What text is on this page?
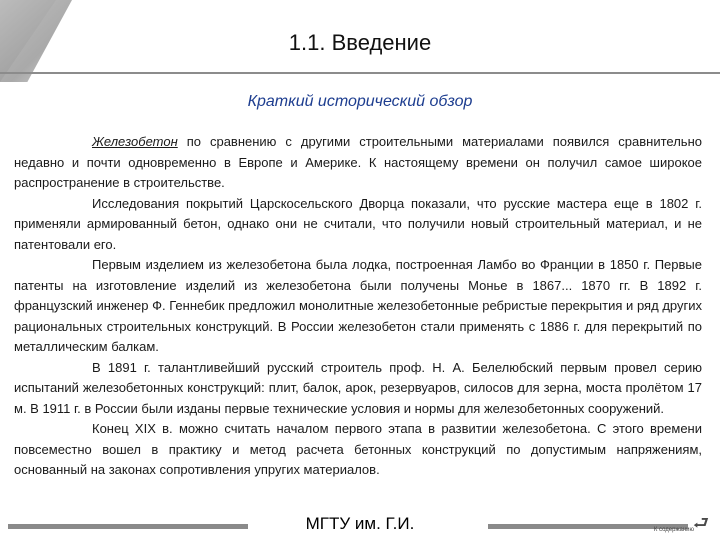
1.1. Введение
Краткий исторический обзор

Железобетон по сравнению с другими строительными материалами появился сравнительно недавно и почти одновременно в Европе и Америке. К настоящему времени он получил самое широкое распространение в строительстве.

Исследования покрытий Царскосельского Дворца показали, что русские мастера еще в 1802 г. применяли армированный бетон, однако они не считали, что получили новый строительный материал, и не патентовали его.

Первым изделием из железобетона была лодка, построенная Ламбо во Франции в 1850 г. Первые патенты на изготовление изделий из железобетона были получены Монье в 1867... 1870 гг. В 1892 г. французский инженер Ф. Геннебик предложил монолитные железобетонные ребристые перекрытия и ряд других рациональных строительных конструкций. В России железобетон стали применять с 1886 г. для перекрытий по металлическим балкам.

В 1891 г. талантливейший русский строитель проф. Н. А. Белелюбский первым провел серию испытаний железобетонных конструкций: плит, балок, арок, резервуаров, силосов для зерна, моста пролётом 17 м. В 1911 г. в России были изданы первые технические условия и нормы для железобетонных сооружений.

Конец XIX в. можно считать началом первого этапа в развитии железобетона. С этого времени повсеместно вошел в практику и метод расчета бетонных конструкций по допустимым напряжениям, основанный на законах сопротивления упругих материалов.

МГТУ им. Г.И.	К содержанию
⮐
